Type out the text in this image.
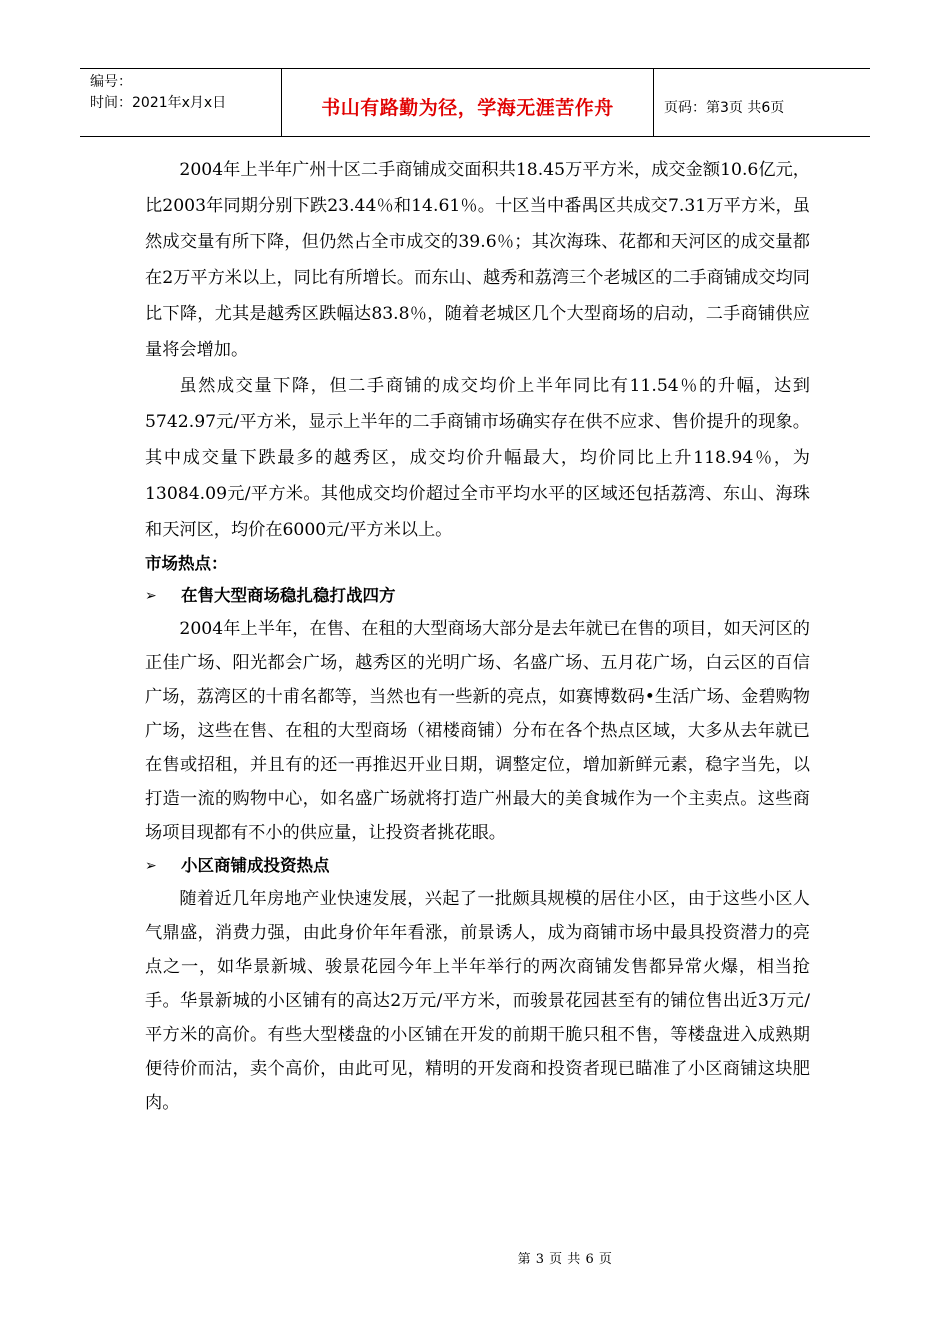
编号：
时间：2021年x月x日	书山有路勤为径，学海无涯苦作舟	页码：第3页 共6页

2004年上半年广州十区二手商铺成交面积共18.45万平方米，成交金额10.6亿元，比2003年同期分别下跌23.44％和14.61％。十区当中番禺区共成交7.31万平方米，虽然成交量有所下降，但仍然占全市成交的39.6％；其次海珠、花都和天河区的成交量都在2万平方米以上，同比有所增长。而东山、越秀和荔湾三个老城区的二手商铺成交均同比下降，尤其是越秀区跌幅达83.8％，随着老城区几个大型商场的启动，二手商铺供应量将会增加。

虽然成交量下降，但二手商铺的成交均价上半年同比有11.54％的升幅，达到5742.97元/平方米，显示上半年的二手商铺市场确实存在供不应求、售价提升的现象。其中成交量下跌最多的越秀区，成交均价升幅最大，均价同比上升118.94％，为13084.09元/平方米。其他成交均价超过全市平均水平的区域还包括荔湾、东山、海珠和天河区，均价在6000元/平方米以上。

市场热点：

➢	在售大型商场稳扎稳打战四方

2004年上半年，在售、在租的大型商场大部分是去年就已在售的项目，如天河区的正佳广场、阳光都会广场，越秀区的光明广场、名盛广场、五月花广场，白云区的百信广场，荔湾区的十甫名都等，当然也有一些新的亮点，如赛博数码•生活广场、金碧购物广场，这些在售、在租的大型商场（裙楼商铺）分布在各个热点区域，大多从去年就已在售或招租，并且有的还一再推迟开业日期，调整定位，增加新鲜元素，稳字当先，以打造一流的购物中心，如名盛广场就将打造广州最大的美食城作为一个主卖点。这些商场项目现都有不小的供应量，让投资者挑花眼。

➢	小区商铺成投资热点

随着近几年房地产业快速发展，兴起了一批颇具规模的居住小区，由于这些小区人气鼎盛，消费力强，由此身价年年看涨，前景诱人，成为商铺市场中最具投资潜力的亮点之一，如华景新城、骏景花园今年上半年举行的两次商铺发售都异常火爆，相当抢手。华景新城的小区铺有的高达2万元/平方米，而骏景花园甚至有的铺位售出近3万元/平方米的高价。有些大型楼盘的小区铺在开发的前期干脆只租不售，等楼盘进入成熟期便待价而沽，卖个高价，由此可见，精明的开发商和投资者现已瞄准了小区商铺这块肥肉。

第 3 页 共 6 页
